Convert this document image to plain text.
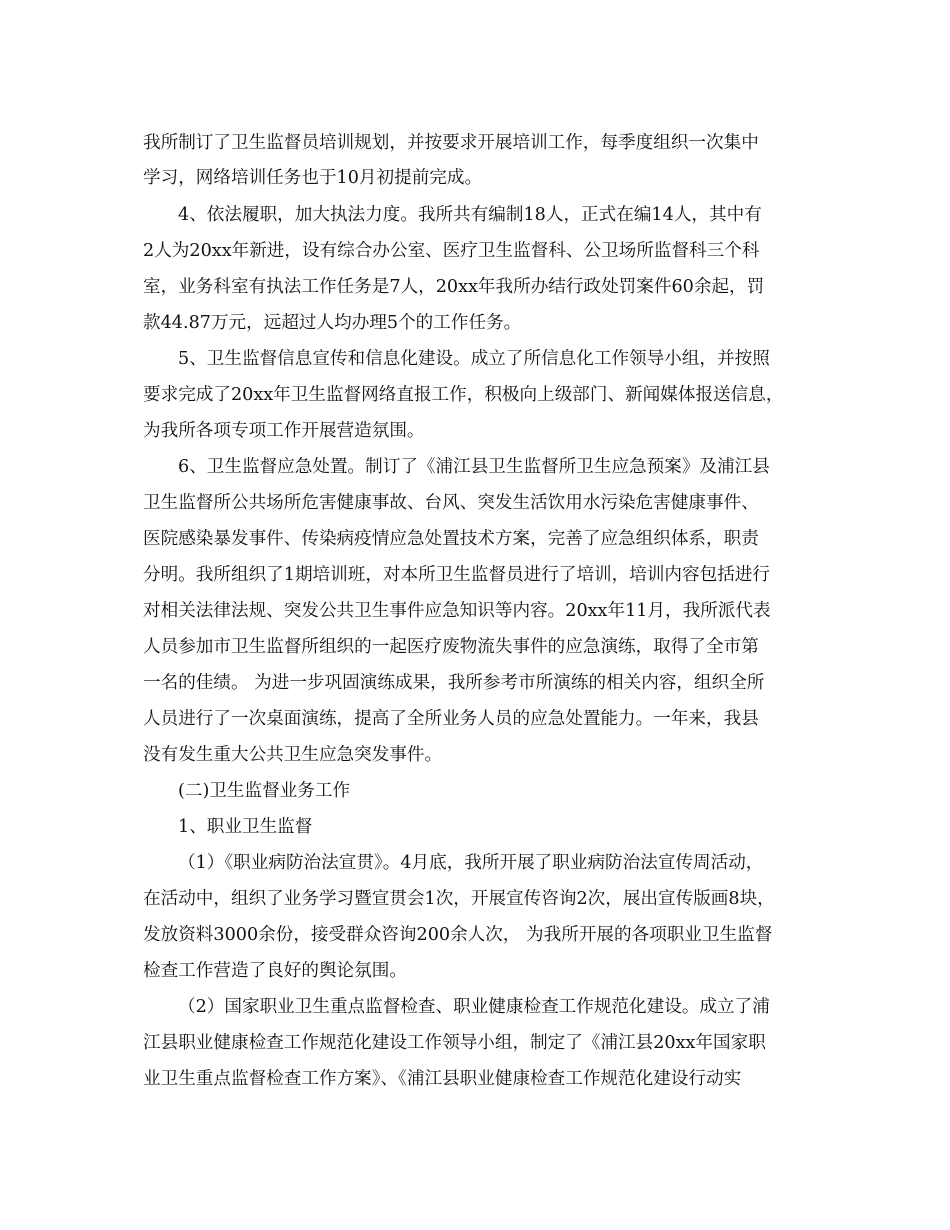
我所制订了卫生监督员培训规划，并按要求开展培训工作，每季度组织一次集中
学习，网络培训任务也于10月初提前完成。
4、依法履职，加大执法力度。我所共有编制18人，正式在编14人，其中有
2人为20xx年新进，设有综合办公室、医疗卫生监督科、公卫场所监督科三个科
室，业务科室有执法工作任务是7人，20xx年我所办结行政处罚案件60余起，罚
款44.87万元，远超过人均办理5个的工作任务。
5、卫生监督信息宣传和信息化建设。成立了所信息化工作领导小组，并按照
要求完成了20xx年卫生监督网络直报工作，积极向上级部门、新闻媒体报送信息，
为我所各项专项工作开展营造氛围。
6、卫生监督应急处置。制订了《浦江县卫生监督所卫生应急预案》及浦江县
卫生监督所公共场所危害健康事故、台风、突发生活饮用水污染危害健康事件、
医院感染暴发事件、传染病疫情应急处置技术方案，完善了应急组织体系，职责
分明。我所组织了1期培训班，对本所卫生监督员进行了培训，培训内容包括进行
对相关法律法规、突发公共卫生事件应急知识等内容。20xx年11月，我所派代表
人员参加市卫生监督所组织的一起医疗废物流失事件的应急演练，取得了全市第
一名的佳绩。 为进一步巩固演练成果，我所参考市所演练的相关内容，组织全所
人员进行了一次桌面演练，提高了全所业务人员的应急处置能力。一年来，我县
没有发生重大公共卫生应急突发事件。
(二)卫生监督业务工作
1、职业卫生监督
（1）《职业病防治法宣贯》。4月底，我所开展了职业病防治法宣传周活动，
在活动中，组织了业务学习暨宣贯会1次，开展宣传咨询2次，展出宣传版画8块，
发放资料3000余份，接受群众咨询200余人次， 为我所开展的各项职业卫生监督
检查工作营造了良好的舆论氛围。
（2）国家职业卫生重点监督检查、职业健康检查工作规范化建设。成立了浦
江县职业健康检查工作规范化建设工作领导小组，制定了《浦江县20xx年国家职
业卫生重点监督检查工作方案》、《浦江县职业健康检查工作规范化建设行动实
